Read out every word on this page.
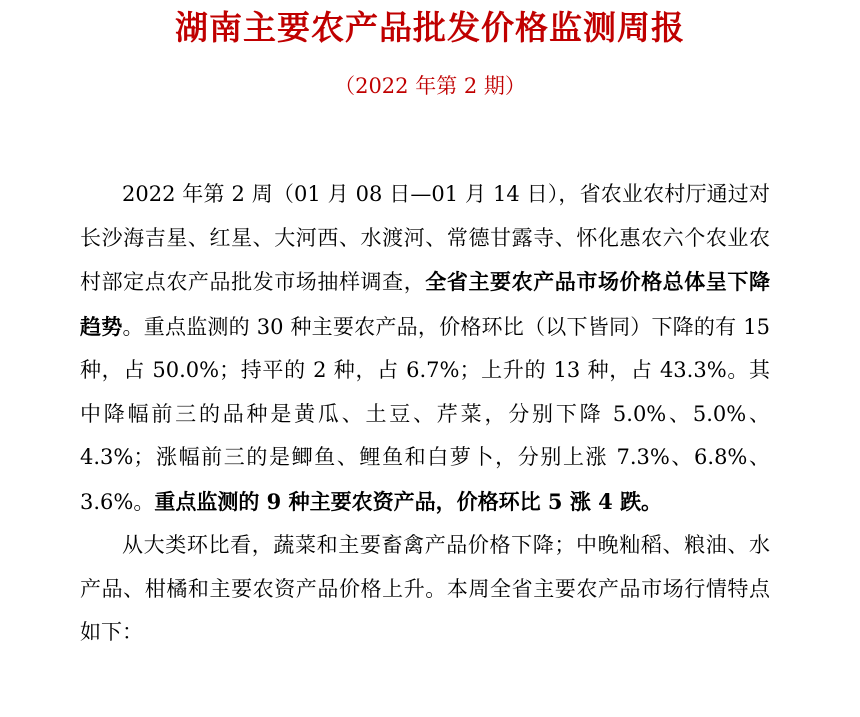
湖南主要农产品批发价格监测周报
（2022 年第 2 期）

2022 年第 2 周（01 月 08 日—01 月 14 日），省农业农村厅通过对长沙海吉星、红星、大河西、水渡河、常德甘露寺、怀化惠农六个农业农村部定点农产品批发市场抽样调查，全省主要农产品市场价格总体呈下降趋势。重点监测的 30 种主要农产品，价格环比（以下皆同）下降的有 15 种，占 50.0%；持平的 2 种，占 6.7%；上升的 13 种，占 43.3%。其中降幅前三的品种是黄瓜、土豆、芹菜，分别下降 5.0%、5.0%、4.3%；涨幅前三的是鲫鱼、鲤鱼和白萝卜，分别上涨 7.3%、6.8%、3.6%。重点监测的 9 种主要农资产品，价格环比 5 涨 4 跌。

从大类环比看，蔬菜和主要畜禽产品价格下降；中晚籼稻、粮油、水产品、柑橘和主要农资产品价格上升。本周全省主要农产品市场行情特点如下：
